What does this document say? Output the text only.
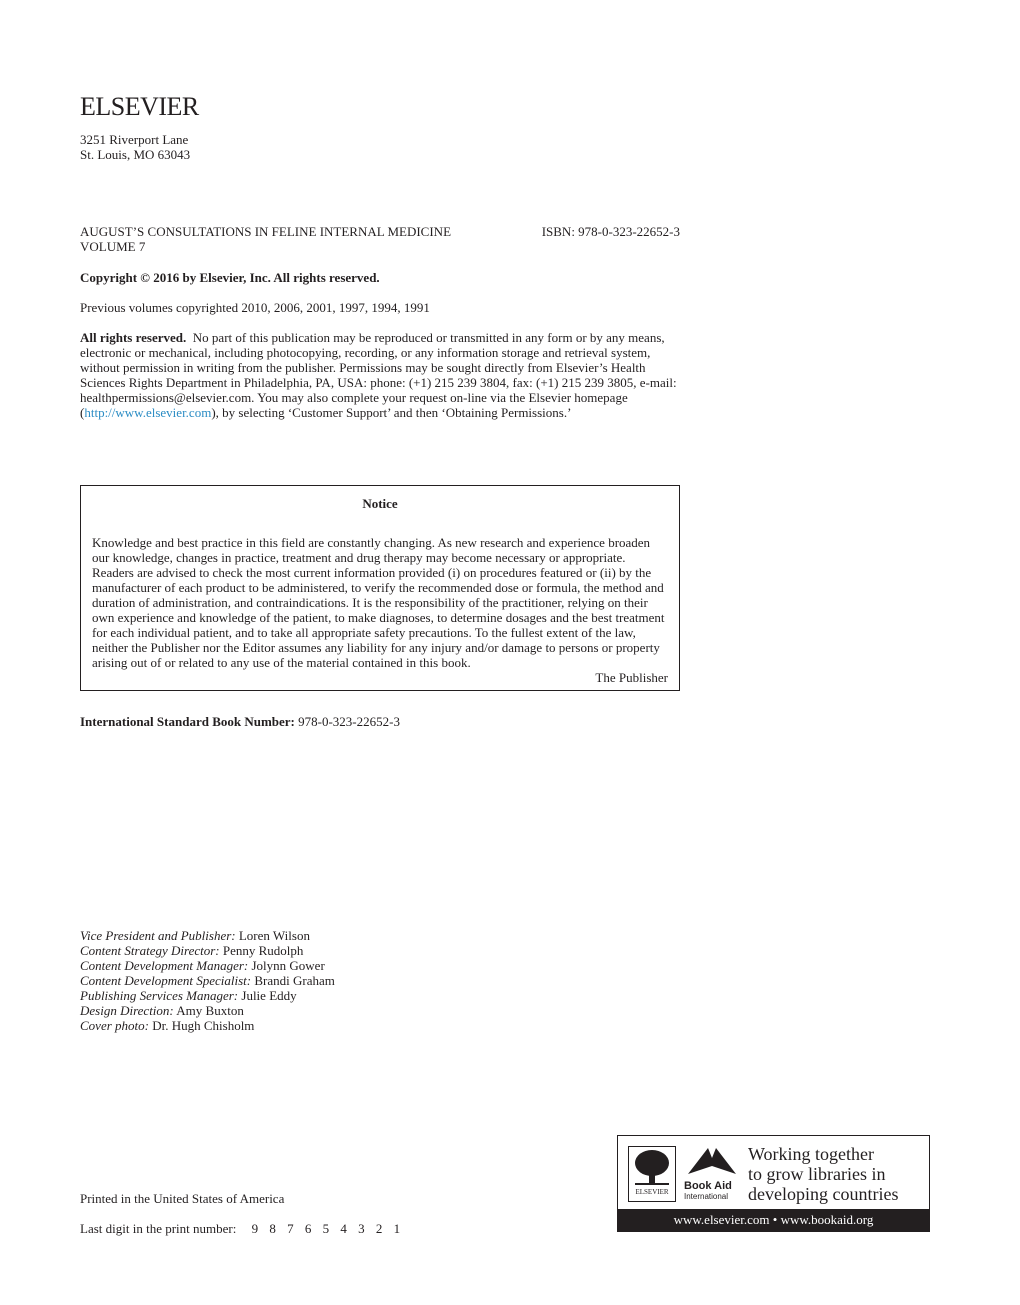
ELSEVIER
3251 Riverport Lane
St. Louis, MO 63043
AUGUST’S CONSULTATIONS IN FELINE INTERNAL MEDICINE	ISBN: 978-0-323-22652-3
VOLUME 7
Copyright © 2016 by Elsevier, Inc. All rights reserved.
Previous volumes copyrighted 2010, 2006, 2001, 1997, 1994, 1991
All rights reserved. No part of this publication may be reproduced or transmitted in any form or by any means, electronic or mechanical, including photocopying, recording, or any information storage and retrieval system, without permission in writing from the publisher. Permissions may be sought directly from Elsevier’s Health Sciences Rights Department in Philadelphia, PA, USA: phone: (+1) 215 239 3804, fax: (+1) 215 239 3805, e-mail: healthpermissions@elsevier.com. You may also complete your request on-line via the Elsevier homepage (http://www.elsevier.com), by selecting ‘Customer Support’ and then ‘Obtaining Permissions.’
Notice
Knowledge and best practice in this field are constantly changing. As new research and experience broaden our knowledge, changes in practice, treatment and drug therapy may become necessary or appropriate. Readers are advised to check the most current information provided (i) on procedures featured or (ii) by the manufacturer of each product to be administered, to verify the recommended dose or formula, the method and duration of administration, and contraindications. It is the responsibility of the practitioner, relying on their own experience and knowledge of the patient, to make diagnoses, to determine dosages and the best treatment for each individual patient, and to take all appropriate safety precautions. To the fullest extent of the law, neither the Publisher nor the Editor assumes any liability for any injury and/or damage to persons or property arising out of or related to any use of the material contained in this book.
The Publisher
International Standard Book Number: 978-0-323-22652-3
Vice President and Publisher: Loren Wilson
Content Strategy Director: Penny Rudolph
Content Development Manager: Jolynn Gower
Content Development Specialist: Brandi Graham
Publishing Services Manager: Julie Eddy
Design Direction: Amy Buxton
Cover photo: Dr. Hugh Chisholm
Printed in the United States of America
Last digit in the print number: 9 8 7 6 5 4 3 2 1
ELSEVIER	Book Aid
International
Working together
to grow libraries in
developing countries
www.elsevier.com • www.bookaid.org
